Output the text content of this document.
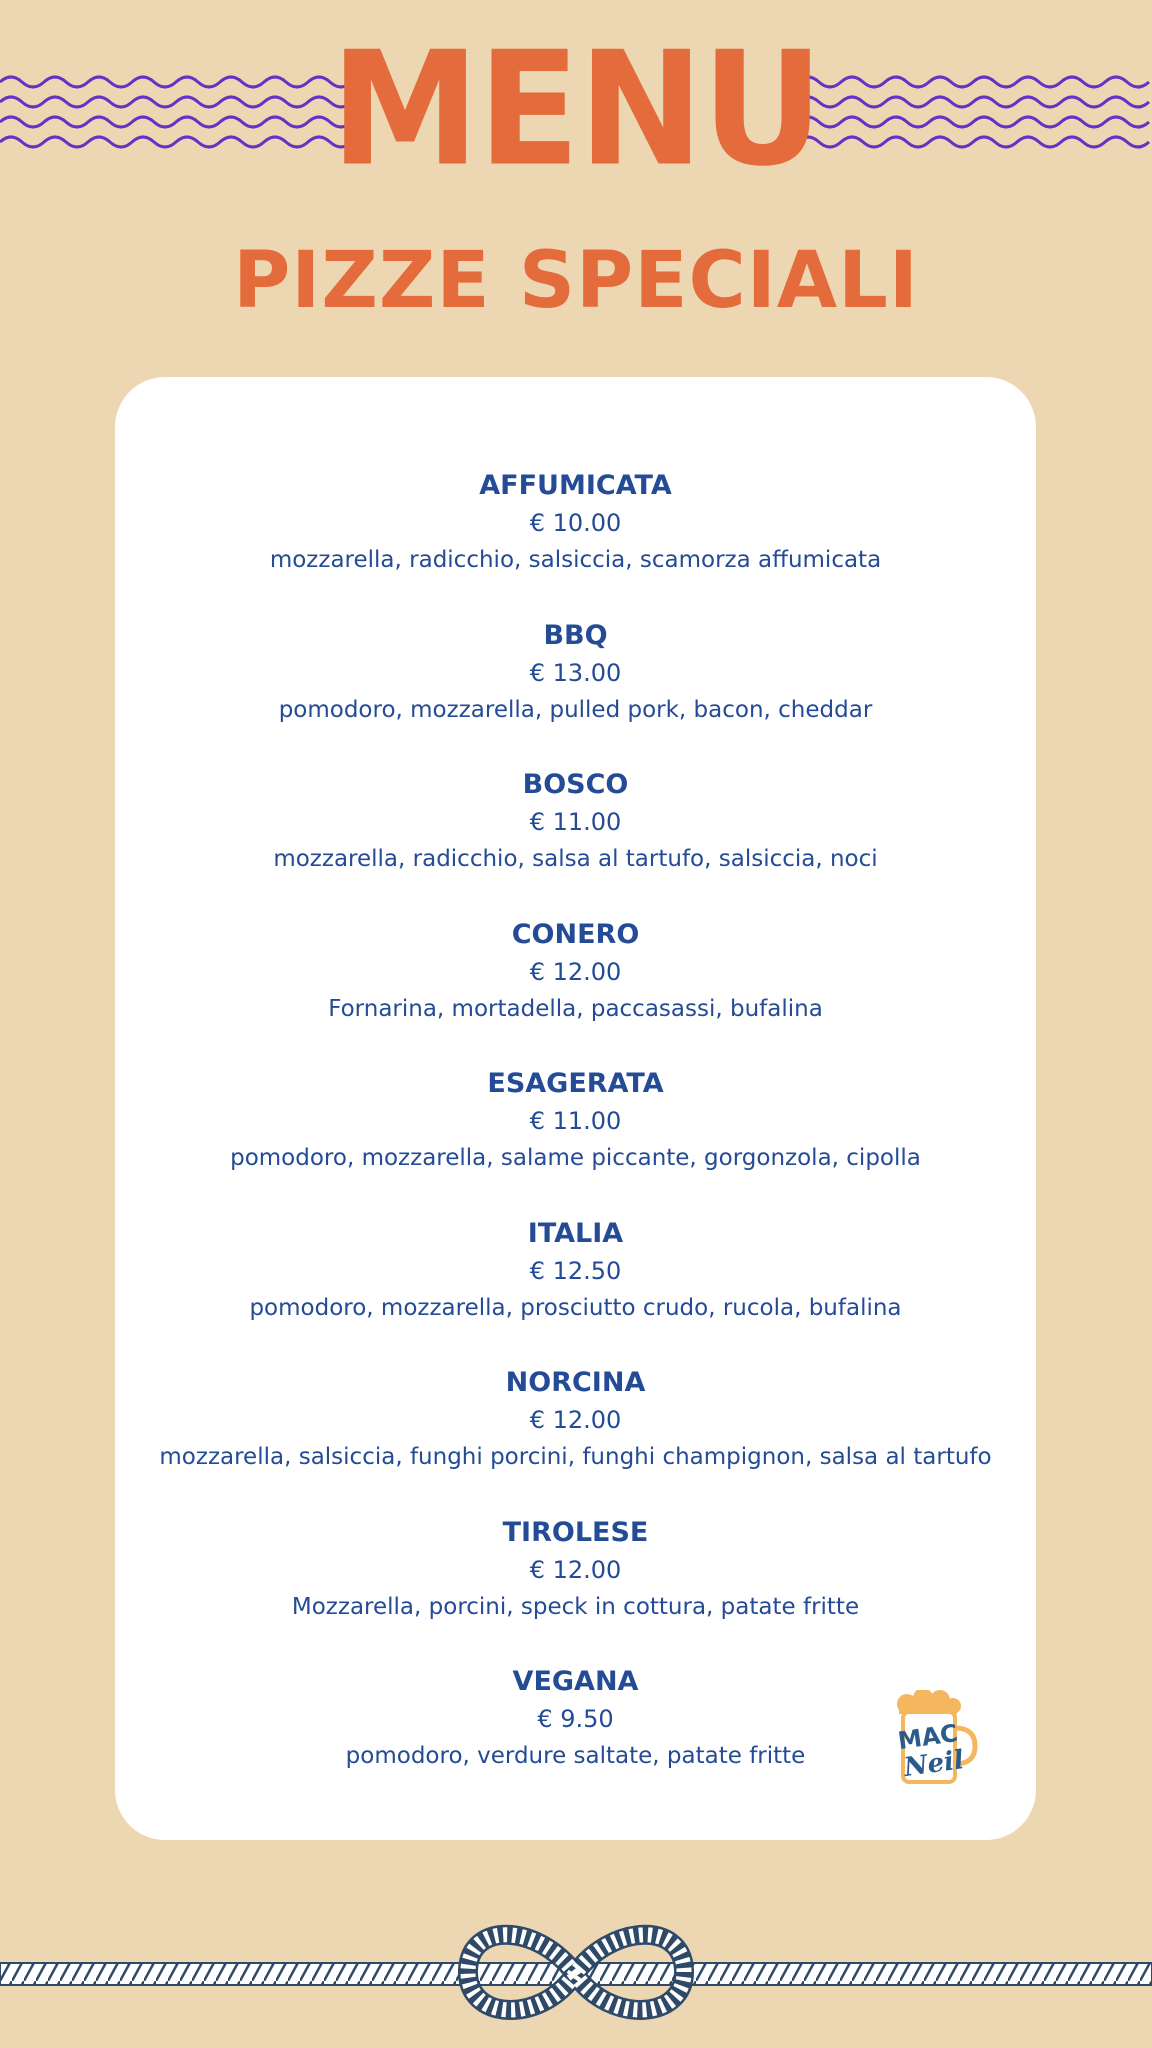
MENU
PIZZE SPECIALI
AFFUMICATA
€ 10.00
mozzarella, radicchio, salsiccia, scamorza affumicata
BBQ
€ 13.00
pomodoro, mozzarella, pulled pork, bacon, cheddar
BOSCO
€ 11.00
mozzarella, radicchio, salsa al tartufo, salsiccia, noci
CONERO
€ 12.00
Fornarina, mortadella, paccasassi, bufalina
ESAGERATA
€ 11.00
pomodoro, mozzarella, salame piccante, gorgonzola, cipolla
ITALIA
€ 12.50
pomodoro, mozzarella, prosciutto crudo, rucola, bufalina
NORCINA
€ 12.00
mozzarella, salsiccia, funghi porcini, funghi champignon, salsa al tartufo
TIROLESE
€ 12.00
Mozzarella, porcini, speck in cottura, patate fritte
VEGANA
€ 9.50
pomodoro, verdure saltate, patate fritte
MAC
Neil
